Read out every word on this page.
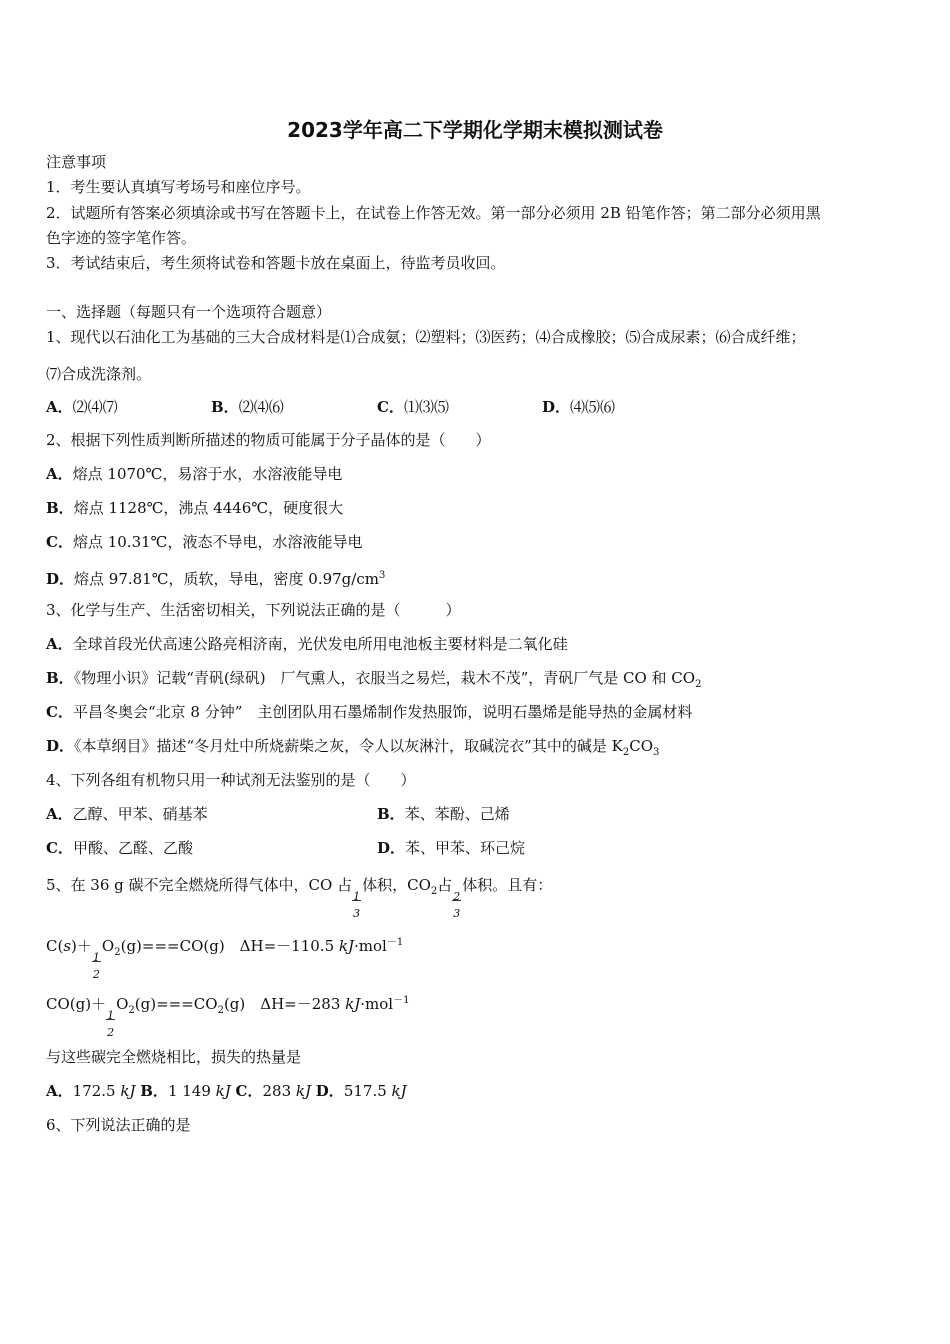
2023学年高二下学期化学期末模拟测试卷
注意事项
1．考生要认真填写考场号和座位序号。
2．试题所有答案必须填涂或书写在答题卡上，在试卷上作答无效。第一部分必须用 2B 铅笔作答；第二部分必须用黑
色字迹的签字笔作答。
3．考试结束后，考生须将试卷和答题卡放在桌面上，待监考员收回。
一、选择题（每题只有一个选项符合题意）
1、现代以石油化工为基础的三大合成材料是⑴合成氨；⑵塑料；⑶医药；⑷合成橡胶；⑸合成尿素；⑹合成纤维；
⑺合成洗涤剂。
A．⑵⑷⑺	B．⑵⑷⑹	C．⑴⑶⑸	D．⑷⑸⑹
2、根据下列性质判断所描述的物质可能属于分子晶体的是（　　）
A．熔点 1070℃，易溶于水，水溶液能导电
B．熔点 1128℃，沸点 4446℃，硬度很大
C．熔点 10.31℃，液态不导电，水溶液能导电
D．熔点 97.81℃，质软，导电，密度 $0.97g/cm^3$
3、化学与生产、生活密切相关，下列说法正确的是（　　　）
A．全球首段光伏高速公路亮相济南，光伏发电所用电池板主要材料是二氧化硅
B．《物理小识》记载“青矾(绿矾)　厂气熏人，衣服当之易烂，栽木不茂”，青矾厂气是 CO 和 $CO_2$
C．平昌冬奥会“北京 8 分钟”　主创团队用石墨烯制作发热服饰，说明石墨烯是能导热的金属材料
D．《本草纲目》描述“冬月灶中所烧薪柴之灰，令人以灰淋汁，取碱浣衣”其中的碱是 $K_2CO_3$
4、下列各组有机物只用一种试剂无法鉴别的是（　　）
A．乙醇、甲苯、硝基苯	B．苯、苯酚、己烯
C．甲酸、乙醛、乙酸	D．苯、甲苯、环己烷
5、在 36 g 碳不完全燃烧所得气体中，CO 占
$\frac{1}{3}$
体积，$CO_2$占
$\frac{2}{3}$
体积。且有：
C(s)＋
$\frac{1}{2}$
$O_2(g)===CO(g)$　ΔH=－110.5 kJ·mol$^{-1}$
CO(g)＋
$\frac{1}{2}$
$O_2(g)===CO_2(g)$　ΔH=－283 kJ·mol$^{-1}$
与这些碳完全燃烧相比，损失的热量是
A．172.5 kJ B．1 149 kJ C．283 kJ D．517.5 kJ
6、下列说法正确的是
